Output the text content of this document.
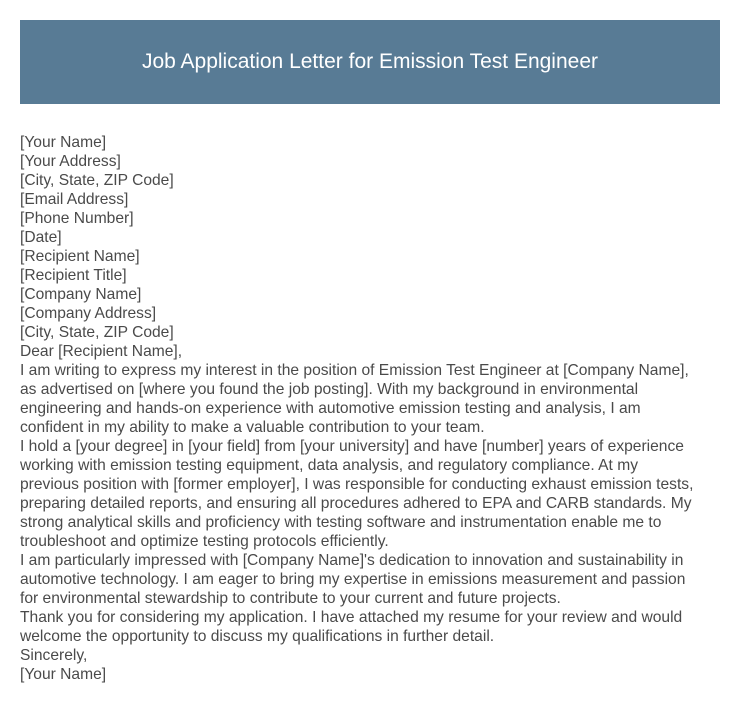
Job Application Letter for Emission Test Engineer
[Your Name]
[Your Address]
[City, State, ZIP Code]
[Email Address]
[Phone Number]
[Date]
[Recipient Name]
[Recipient Title]
[Company Name]
[Company Address]
[City, State, ZIP Code]
Dear [Recipient Name],
I am writing to express my interest in the position of Emission Test Engineer at [Company Name],
as advertised on [where you found the job posting]. With my background in environmental
engineering and hands-on experience with automotive emission testing and analysis, I am
confident in my ability to make a valuable contribution to your team.
I hold a [your degree] in [your field] from [your university] and have [number] years of experience
working with emission testing equipment, data analysis, and regulatory compliance. At my
previous position with [former employer], I was responsible for conducting exhaust emission tests,
preparing detailed reports, and ensuring all procedures adhered to EPA and CARB standards. My
strong analytical skills and proficiency with testing software and instrumentation enable me to
troubleshoot and optimize testing protocols efficiently.
I am particularly impressed with [Company Name]'s dedication to innovation and sustainability in
automotive technology. I am eager to bring my expertise in emissions measurement and passion
for environmental stewardship to contribute to your current and future projects.
Thank you for considering my application. I have attached my resume for your review and would
welcome the opportunity to discuss my qualifications in further detail.
Sincerely,
[Your Name]
